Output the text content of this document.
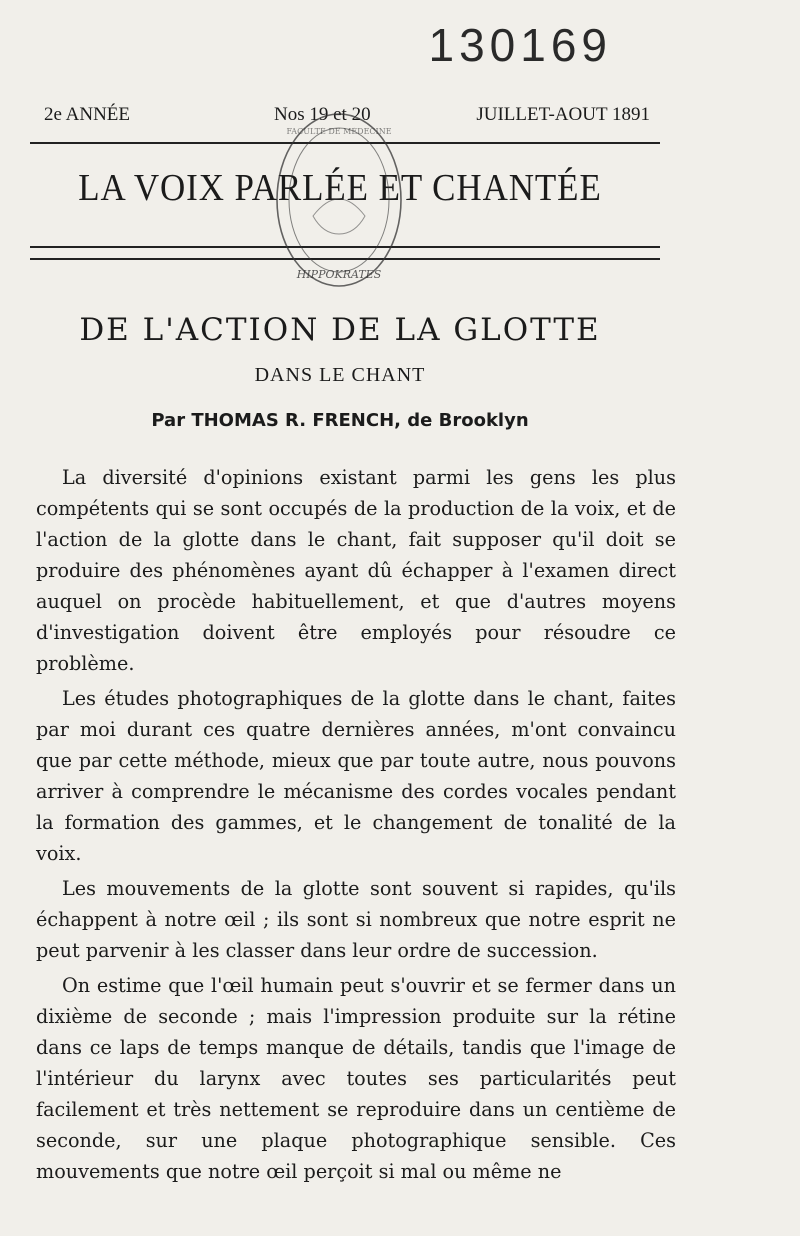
130169
2e ANNÉE	Nos 19 et 20	JUILLET-AOUT 1891
LA VOIX PARLÉE ET CHANTÉE
HIPPOKRATES
FACULTÉ DE MÉDECINE
DE L'ACTION DE LA GLOTTE
DANS LE CHANT
Par THOMAS R. FRENCH, de Brooklyn

La diversité d'opinions existant parmi les gens les plus compétents qui se sont occupés de la production de la voix, et de l'action de la glotte dans le chant, fait supposer qu'il doit se produire des phénomènes ayant dû échapper à l'examen direct auquel on procède habituellement, et que d'autres moyens d'investigation doivent être employés pour résoudre ce problème.

Les études photographiques de la glotte dans le chant, faites par moi durant ces quatre dernières années, m'ont convaincu que par cette méthode, mieux que par toute autre, nous pouvons arriver à comprendre le mécanisme des cordes vocales pendant la formation des gammes, et le changement de tonalité de la voix.

Les mouvements de la glotte sont souvent si rapides, qu'ils échappent à notre œil ; ils sont si nombreux que notre esprit ne peut parvenir à les classer dans leur ordre de succession.

On estime que l'œil humain peut s'ouvrir et se fermer dans un dixième de seconde ; mais l'impression produite sur la rétine dans ce laps de temps manque de détails, tandis que l'image de l'intérieur du larynx avec toutes ses particularités peut facilement et très nettement se reproduire dans un centième de seconde, sur une plaque photographique sensible. Ces mouvements que notre œil perçoit si mal ou même ne
